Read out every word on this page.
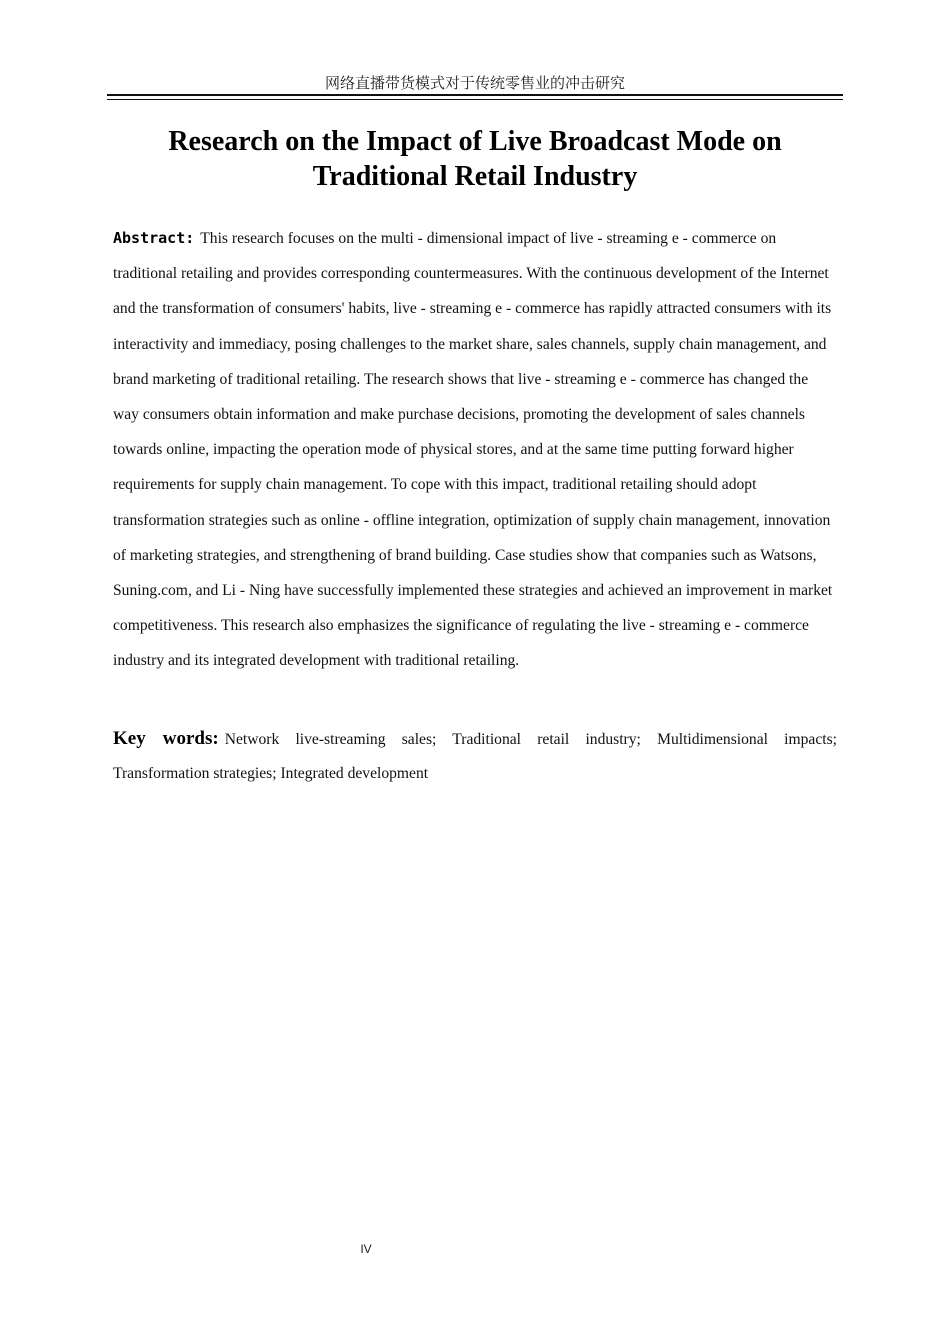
网络直播带货模式对于传统零售业的冲击研究
Research on the Impact of Live Broadcast Mode on Traditional Retail Industry

Abstract: This research focuses on the multi - dimensional impact of live - streaming e - commerce on traditional retailing and provides corresponding countermeasures. With the continuous development of the Internet and the transformation of consumers' habits, live - streaming e - commerce has rapidly attracted consumers with its interactivity and immediacy, posing challenges to the market share, sales channels, supply chain management, and brand marketing of traditional retailing. The research shows that live - streaming e - commerce has changed the way consumers obtain information and make purchase decisions, promoting the development of sales channels towards online, impacting the operation mode of physical stores, and at the same time putting forward higher requirements for supply chain management. To cope with this impact, traditional retailing should adopt transformation strategies such as online - offline integration, optimization of supply chain management, innovation of marketing strategies, and strengthening of brand building. Case studies show that companies such as Watsons, Suning.com, and Li - Ning have successfully implemented these strategies and achieved an improvement in market competitiveness. This research also emphasizes the significance of regulating the live - streaming e - commerce industry and its integrated development with traditional retailing.

Key words: Network live-streaming sales; Traditional retail industry; Multidimensional impacts; Transformation strategies; Integrated development

IV
